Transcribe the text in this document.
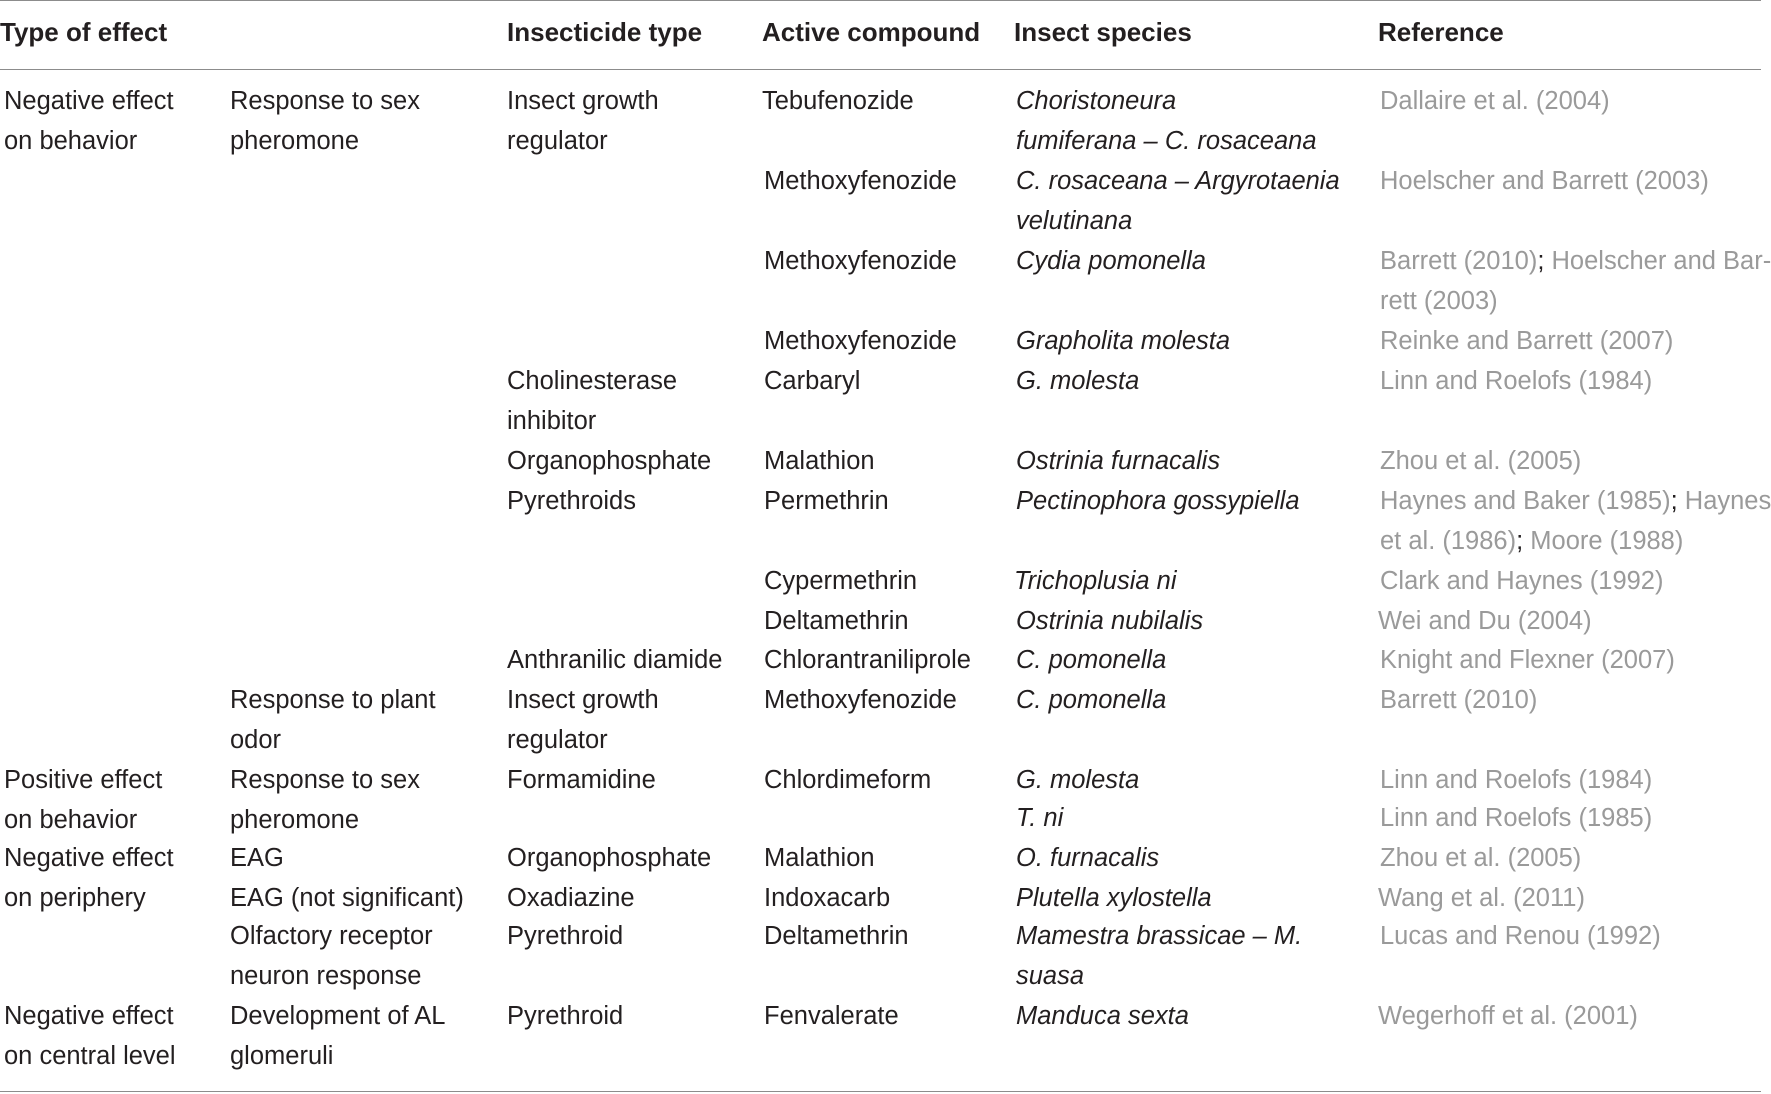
Type of effect	Insecticide type Active compound Insect species	Reference
Negative effect
on behavior
Positive effect
on behavior
Negative effect
on periphery
Negative effect
on central level
Response to sex
pheromone
Response to plant
odor
Response to sex
pheromone
EAG
EAG (not significant)
Olfactory receptor
neuron response
Development of AL
glomeruli
Insect growth
regulator
Cholinesterase
inhibitor
Organophosphate
Pyrethroids
Anthranilic diamide
Insect growth
regulator
Formamidine
Organophosphate
Oxadiazine
Pyrethroid
Pyrethroid
Tebufenozide
Methoxyfenozide
Methoxyfenozide
Methoxyfenozide
Carbaryl
Malathion
Permethrin
Cypermethrin
Deltamethrin
Chlorantraniliprole
Methoxyfenozide
Chlordimeform
Malathion
Indoxacarb
Deltamethrin
Fenvalerate
Choristoneura
fumiferana – C. rosaceana
C. rosaceana – Argyrotaenia
velutinana
Cydia pomonella
Grapholita molesta
G. molesta
Ostrinia furnacalis
Pectinophora gossypiella
Trichoplusia ni
Ostrinia nubilalis
C. pomonella
C. pomonella
G. molesta
T. ni
O. furnacalis
Plutella xylostella
Mamestra brassicae – M.
suasa
Manduca sexta
Dallaire et al. (2004)
Hoelscher and Barrett (2003)
Barrett (2010); Hoelscher and Bar-
rett (2003)
Reinke and Barrett (2007)
Linn and Roelofs (1984)
Zhou et al. (2005)
Haynes and Baker (1985); Haynes
et al. (1986); Moore (1988)
Clark and Haynes (1992)
Wei and Du (2004)
Knight and Flexner (2007)
Barrett (2010)
Linn and Roelofs (1984)
Linn and Roelofs (1985)
Zhou et al. (2005)
Wang et al. (2011)
Lucas and Renou (1992)
Wegerhoff et al. (2001)
